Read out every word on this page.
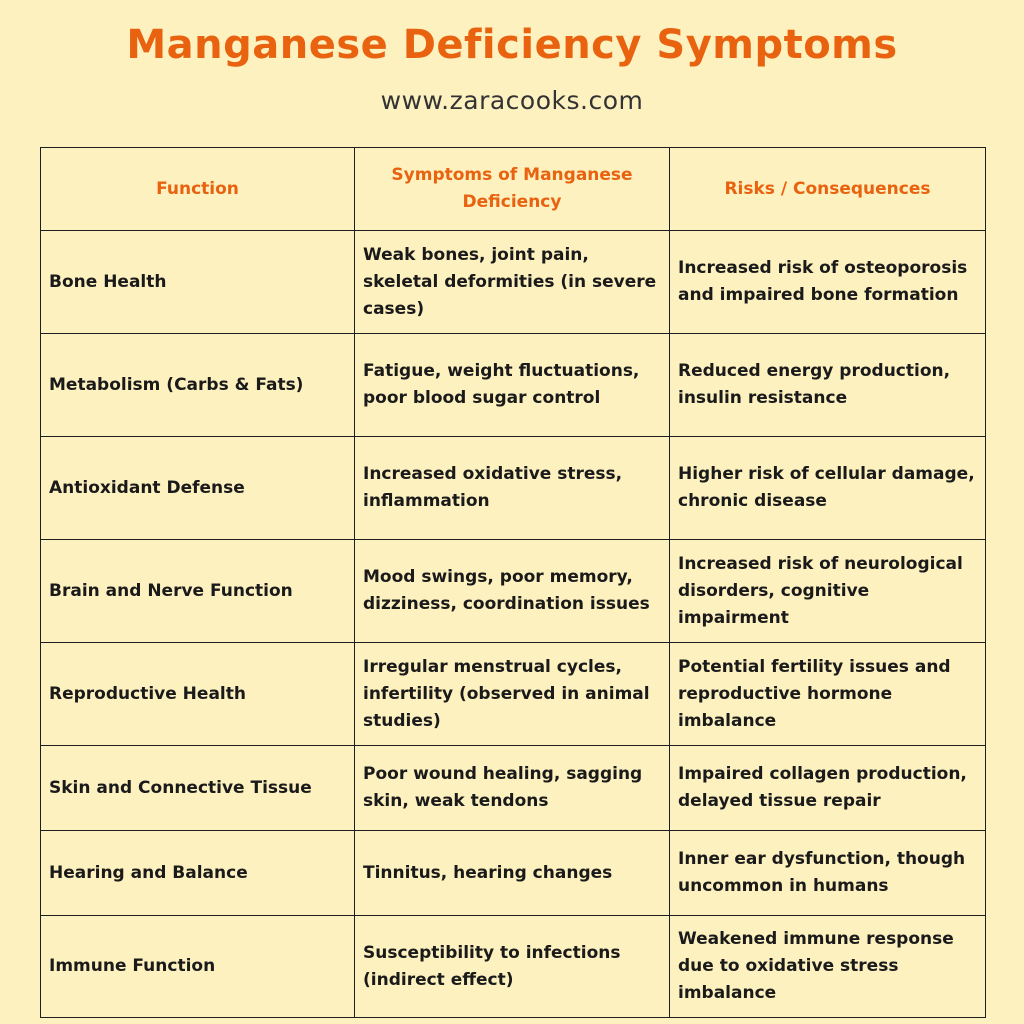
Manganese Deficiency Symptoms
www.zaracooks.com
Function	Symptoms of Manganese Deficiency	Risks / Consequences
Bone Health	Weak bones, joint pain, skeletal deformities (in severe cases)	Increased risk of osteoporosis and impaired bone formation
Metabolism (Carbs & Fats)	Fatigue, weight fluctuations, poor blood sugar control	Reduced energy production, insulin resistance
Antioxidant Defense	Increased oxidative stress, inflammation	Higher risk of cellular damage, chronic disease
Brain and Nerve Function	Mood swings, poor memory, dizziness, coordination issues	Increased risk of neurological disorders, cognitive impairment
Reproductive Health	Irregular menstrual cycles, infertility (observed in animal studies)	Potential fertility issues and reproductive hormone imbalance
Skin and Connective Tissue	Poor wound healing, sagging skin, weak tendons	Impaired collagen production, delayed tissue repair
Hearing and Balance	Tinnitus, hearing changes	Inner ear dysfunction, though uncommon in humans
Immune Function	Susceptibility to infections (indirect effect)	Weakened immune response due to oxidative stress imbalance
